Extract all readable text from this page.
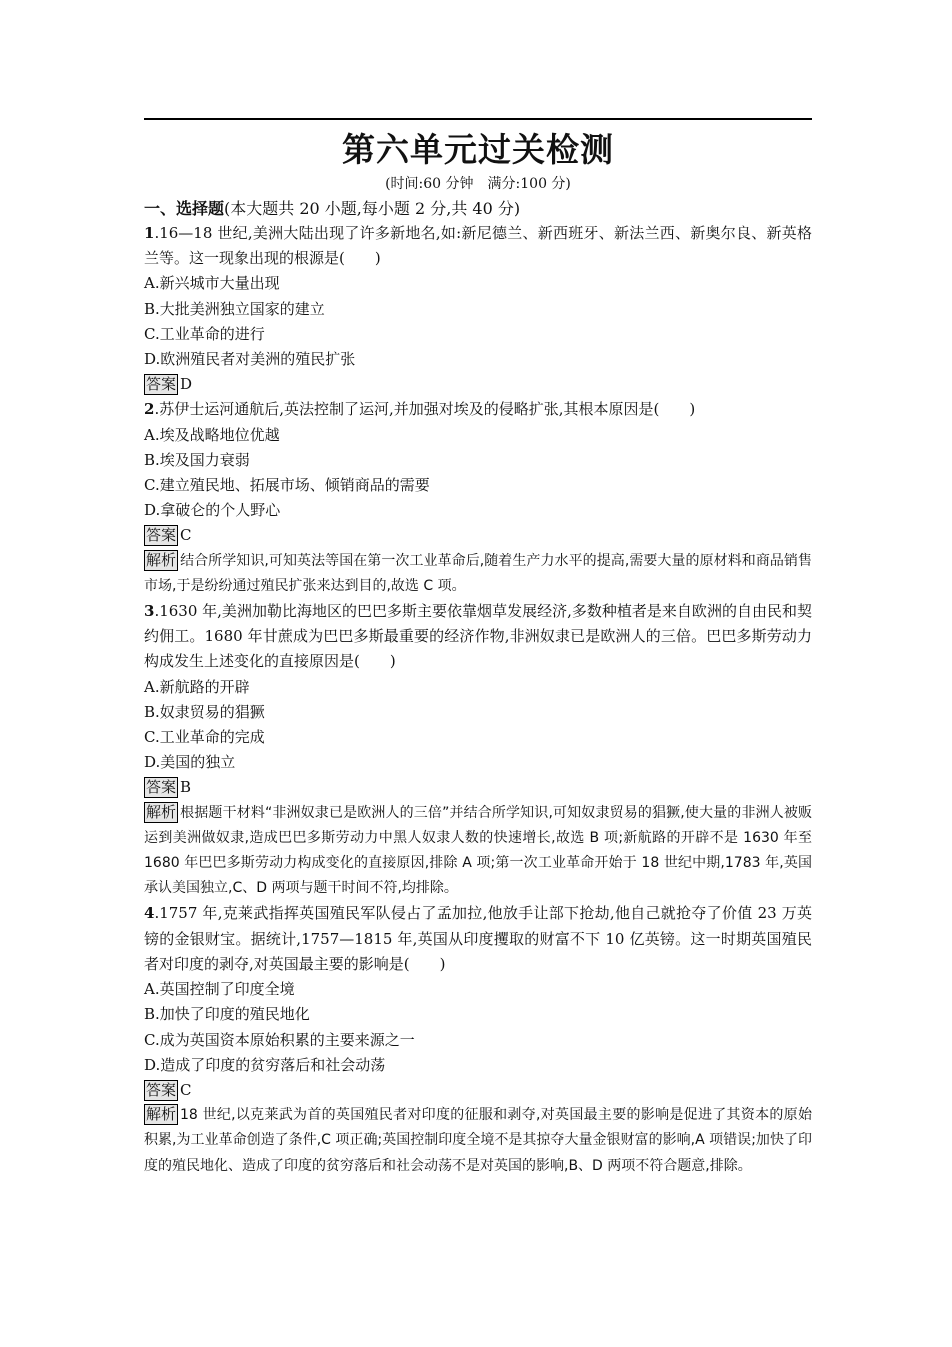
第六单元过关检测
(时间:60 分钟　满分:100 分)
一、选择题(本大题共 20 小题,每小题 2 分,共 40 分)
1.16—18 世纪,美洲大陆出现了许多新地名,如:新尼德兰、新西班牙、新法兰西、新奥尔良、新英格兰等。这一现象出现的根源是(　　)
A.新兴城市大量出现
B.大批美洲独立国家的建立
C.工业革命的进行
D.欧洲殖民者对美洲的殖民扩张
答案 D
2.苏伊士运河通航后,英法控制了运河,并加强对埃及的侵略扩张,其根本原因是(　　)
A.埃及战略地位优越
B.埃及国力衰弱
C.建立殖民地、拓展市场、倾销商品的需要
D.拿破仑的个人野心
答案 C
解析 结合所学知识,可知英法等国在第一次工业革命后,随着生产力水平的提高,需要大量的原材料和商品销售市场,于是纷纷通过殖民扩张来达到目的,故选 C 项。
3.1630 年,美洲加勒比海地区的巴巴多斯主要依靠烟草发展经济,多数种植者是来自欧洲的自由民和契约佣工。1680 年甘蔗成为巴巴多斯最重要的经济作物,非洲奴隶已是欧洲人的三倍。巴巴多斯劳动力构成发生上述变化的直接原因是(　　)
A.新航路的开辟
B.奴隶贸易的猖獗
C.工业革命的完成
D.美国的独立
答案 B
解析 根据题干材料“非洲奴隶已是欧洲人的三倍”并结合所学知识,可知奴隶贸易的猖獗,使大量的非洲人被贩运到美洲做奴隶,造成巴巴多斯劳动力中黑人奴隶人数的快速增长,故选 B 项;新航路的开辟不是 1630 年至 1680 年巴巴多斯劳动力构成变化的直接原因,排除 A 项;第一次工业革命开始于 18 世纪中期,1783 年,英国承认美国独立,C、D 两项与题干时间不符,均排除。
4.1757 年,克莱武指挥英国殖民军队侵占了孟加拉,他放手让部下抢劫,他自己就抢夺了价值 23 万英镑的金银财宝。据统计,1757—1815 年,英国从印度攫取的财富不下 10 亿英镑。这一时期英国殖民者对印度的剥夺,对英国最主要的影响是(　　)
A.英国控制了印度全境
B.加快了印度的殖民地化
C.成为英国资本原始积累的主要来源之一
D.造成了印度的贫穷落后和社会动荡
答案 C
解析 18 世纪,以克莱武为首的英国殖民者对印度的征服和剥夺,对英国最主要的影响是促进了其资本的原始积累,为工业革命创造了条件,C 项正确;英国控制印度全境不是其掠夺大量金银财富的影响,A 项错误;加快了印度的殖民地化、造成了印度的贫穷落后和社会动荡不是对英国的影响,B、D 两项不符合题意,排除。
